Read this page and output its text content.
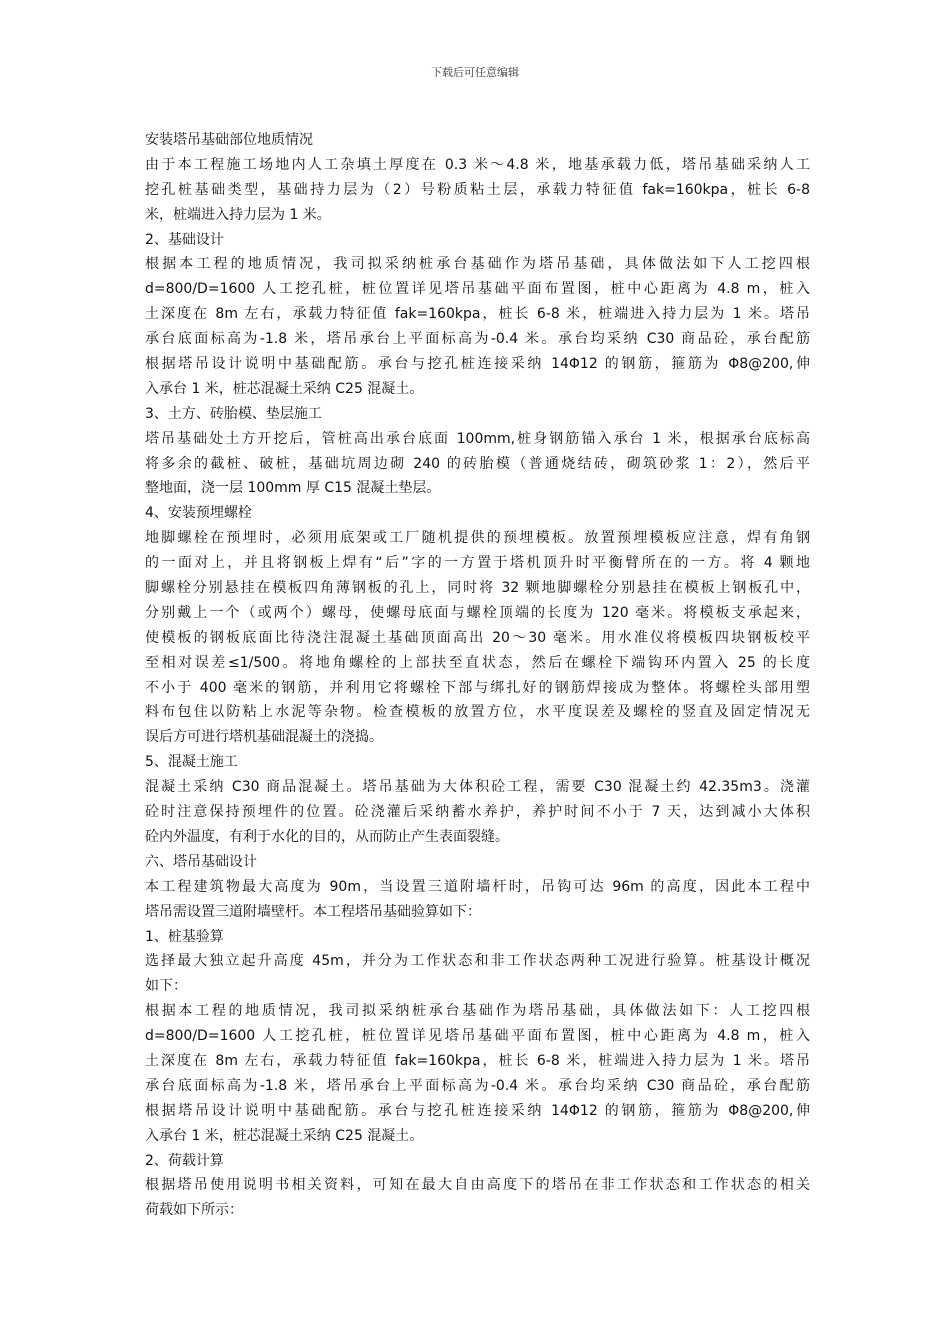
下载后可任意编辑
安装塔吊基础部位地质情况
由于本工程施工场地内人工杂填土厚度在 0.3 米～4.8 米，地基承载力低，塔吊基础采纳人工
挖孔桩基础类型，基础持力层为（2）号粉质粘土层，承载力特征值 fak=160kpa，桩长 6-8
米，桩端进入持力层为 1 米。
2、基础设计
根据本工程的地质情况，我司拟采纳桩承台基础作为塔吊基础，具体做法如下人工挖四根
d=800/D=1600 人工挖孔桩，桩位置详见塔吊基础平面布置图，桩中心距离为 4.8 m，桩入
土深度在 8m 左右，承载力特征值 fak=160kpa，桩长 6-8 米，桩端进入持力层为 1 米。塔吊
承台底面标高为-1.8 米，塔吊承台上平面标高为-0.4 米。承台均采纳 C30 商品砼，承台配筋
根据塔吊设计说明中基础配筋。承台与挖孔桩连接采纳 14Φ12 的钢筋，箍筋为 Φ8@200,伸
入承台 1 米，桩芯混凝土采纳 C25 混凝土。
3、土方、砖胎模、垫层施工
塔吊基础处土方开挖后，管桩高出承台底面 100mm,桩身钢筋锚入承台 1 米，根据承台底标高
将多余的截桩、破桩，基础坑周边砌 240 的砖胎模（普通烧结砖，砌筑砂浆 1：2），然后平
整地面，浇一层 100mm 厚 C15 混凝土垫层。
4、安装预埋螺栓
地脚螺栓在预埋时，必须用底架或工厂随机提供的预埋模板。放置预埋模板应注意，焊有角钢
的一面对上，并且将钢板上焊有“后”字的一方置于塔机顶升时平衡臂所在的一方。将 4 颗地
脚螺栓分别悬挂在模板四角薄钢板的孔上，同时将 32 颗地脚螺栓分别悬挂在模板上钢板孔中，
分别戴上一个（或两个）螺母，使螺母底面与螺栓顶端的长度为 120 毫米。将模板支承起来，
使模板的钢板底面比待浇注混凝土基础顶面高出 20～30 毫米。用水准仪将模板四块钢板校平
至相对误差≤1/500。将地角螺栓的上部扶至直状态，然后在螺栓下端钩环内置入 25 的长度
不小于 400 毫米的钢筋，并利用它将螺栓下部与绑扎好的钢筋焊接成为整体。将螺栓头部用塑
料布包住以防粘上水泥等杂物。检查模板的放置方位，水平度误差及螺栓的竖直及固定情况无
误后方可进行塔机基础混凝土的浇捣。
5、混凝土施工
混凝土采纳 C30 商品混凝土。塔吊基础为大体积砼工程，需要 C30 混凝土约 42.35m3。浇灌
砼时注意保持预埋件的位置。砼浇灌后采纳蓄水养护，养护时间不小于 7 天，达到减小大体积
砼内外温度，有利于水化的目的，从而防止产生表面裂缝。
六、塔吊基础设计
本工程建筑物最大高度为 90m，当设置三道附墙杆时，吊钩可达 96m 的高度，因此本工程中
塔吊需设置三道附墙壁杆。本工程塔吊基础验算如下：
1、桩基验算
选择最大独立起升高度 45m，并分为工作状态和非工作状态两种工况进行验算。桩基设计概况
如下：
根据本工程的地质情况，我司拟采纳桩承台基础作为塔吊基础，具体做法如下：人工挖四根
d=800/D=1600 人工挖孔桩，桩位置详见塔吊基础平面布置图，桩中心距离为 4.8 m，桩入
土深度在 8m 左右，承载力特征值 fak=160kpa，桩长 6-8 米，桩端进入持力层为 1 米。塔吊
承台底面标高为-1.8 米，塔吊承台上平面标高为-0.4 米。承台均采纳 C30 商品砼，承台配筋
根据塔吊设计说明中基础配筋。承台与挖孔桩连接采纳 14Φ12 的钢筋，箍筋为 Φ8@200,伸
入承台 1 米，桩芯混凝土采纳 C25 混凝土。
2、荷载计算
根据塔吊使用说明书相关资料，可知在最大自由高度下的塔吊在非工作状态和工作状态的相关
荷载如下所示：
